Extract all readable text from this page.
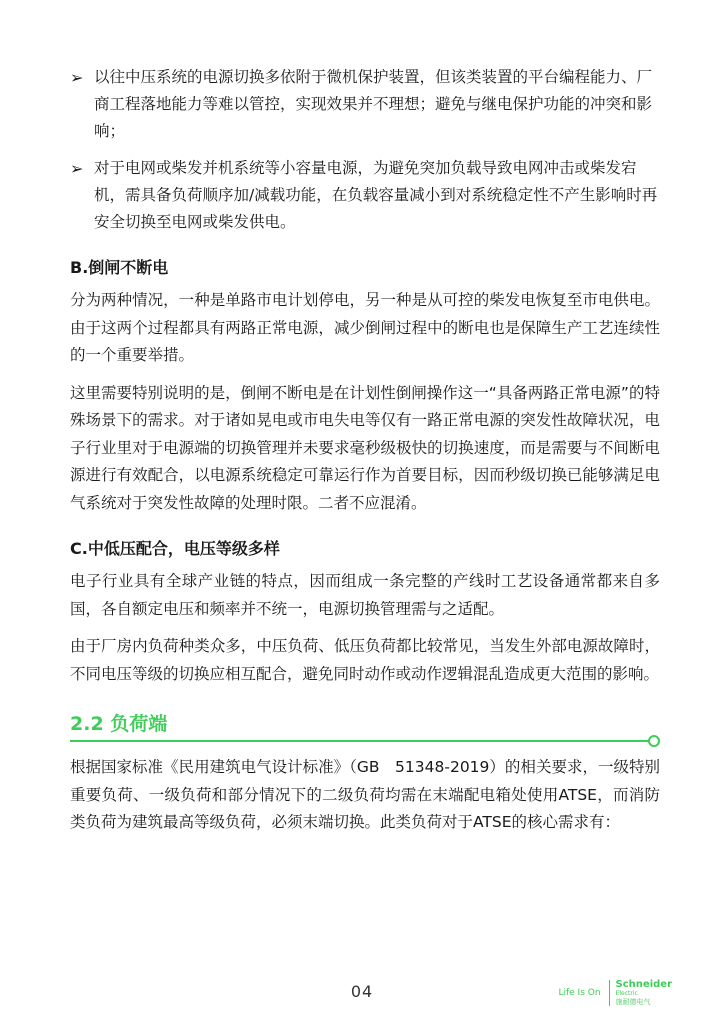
➢ 以往中压系统的电源切换多依附于微机保护装置，但该类装置的平台编程能力、厂商工程落地能力等难以管控，实现效果并不理想；避免与继电保护功能的冲突和影响；
➢ 对于电网或柴发并机系统等小容量电源，为避免突加负载导致电网冲击或柴发宕机，需具备负荷顺序加/减载功能，在负载容量减小到对系统稳定性不产生影响时再安全切换至电网或柴发供电。
B.倒闸不断电

分为两种情况，一种是单路市电计划停电，另一种是从可控的柴发电恢复至市电供电。由于这两个过程都具有两路正常电源，减少倒闸过程中的断电也是保障生产工艺连续性的一个重要举措。

这里需要特别说明的是，倒闸不断电是在计划性倒闸操作这一“具备两路正常电源”的特殊场景下的需求。对于诸如晃电或市电失电等仅有一路正常电源的突发性故障状况，电子行业里对于电源端的切换管理并未要求毫秒级极快的切换速度，而是需要与不间断电源进行有效配合，以电源系统稳定可靠运行作为首要目标，因而秒级切换已能够满足电气系统对于突发性故障的处理时限。二者不应混淆。

C.中低压配合，电压等级多样

电子行业具有全球产业链的特点，因而组成一条完整的产线时工艺设备通常都来自多国，各自额定电压和频率并不统一，电源切换管理需与之适配。

由于厂房内负荷种类众多，中压负荷、低压负荷都比较常见，当发生外部电源故障时，不同电压等级的切换应相互配合，避免同时动作或动作逻辑混乱造成更大范围的影响。

2.2 负荷端

根据国家标准《民用建筑电气设计标准》（GB　51348-2019）的相关要求，一级特别重要负荷、一级负荷和部分情况下的二级负荷均需在末端配电箱处使用ATSE，而消防类负荷为建筑最高等级负荷，必须末端切换。此类负荷对于ATSE的核心需求有：

04	Life Is On
Schneider
Electric
施耐德电气
